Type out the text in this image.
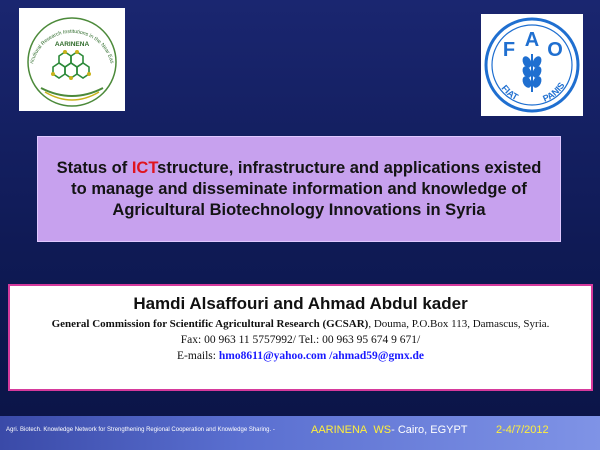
ricultural Research Institutions in the Near Eas
AARINENA	F A O
FIAT PANIS
Status of ICTstructure, infrastructure and applications existed to manage and disseminate information and knowledge of Agricultural Biotechnology Innovations in Syria
Hamdi Alsaffouri and Ahmad Abdul kader
General Commission for Scientific Agricultural Research (GCSAR), Douma, P.O.Box 113, Damascus, Syria.
Fax: 00 963 11 5757992/ Tel.: 00 963 95 674 9 671/
E-mails: hmo8611@yahoo.com /ahmad59@gmx.de
Agri. Biotech. Knowledge Network for Strengthening Regional Cooperation and Knowledge Sharing. -	AARINENA WS- Cairo, EGYPT	2-4/7/2012
